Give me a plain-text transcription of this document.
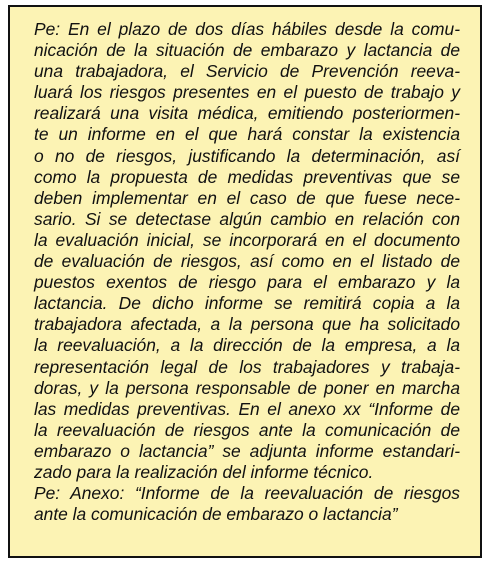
Pe: En el plazo de dos días hábiles desde la comu-
nicación de la situación de embarazo y lactancia de
una trabajadora, el Servicio de Prevención reeva-
luará los riesgos presentes en el puesto de trabajo y
realizará una visita médica, emitiendo posteriormen-
te un informe en el que hará constar la existencia
o no de riesgos, justificando la determinación, así
como la propuesta de medidas preventivas que se
deben implementar en el caso de que fuese nece-
sario. Si se detectase algún cambio en relación con
la evaluación inicial, se incorporará en el documento
de evaluación de riesgos, así como en el listado de
puestos exentos de riesgo para el embarazo y la
lactancia. De dicho informe se remitirá copia a la
trabajadora afectada, a la persona que ha solicitado
la reevaluación, a la dirección de la empresa, a la
representación legal de los trabajadores y trabaja-
doras, y la persona responsable de poner en marcha
las medidas preventivas. En el anexo xx “Informe de
la reevaluación de riesgos ante la comunicación de
embarazo o lactancia” se adjunta informe estandari-
zado para la realización del informe técnico.
Pe: Anexo: “Informe de la reevaluación de riesgos
ante la comunicación de embarazo o lactancia”
